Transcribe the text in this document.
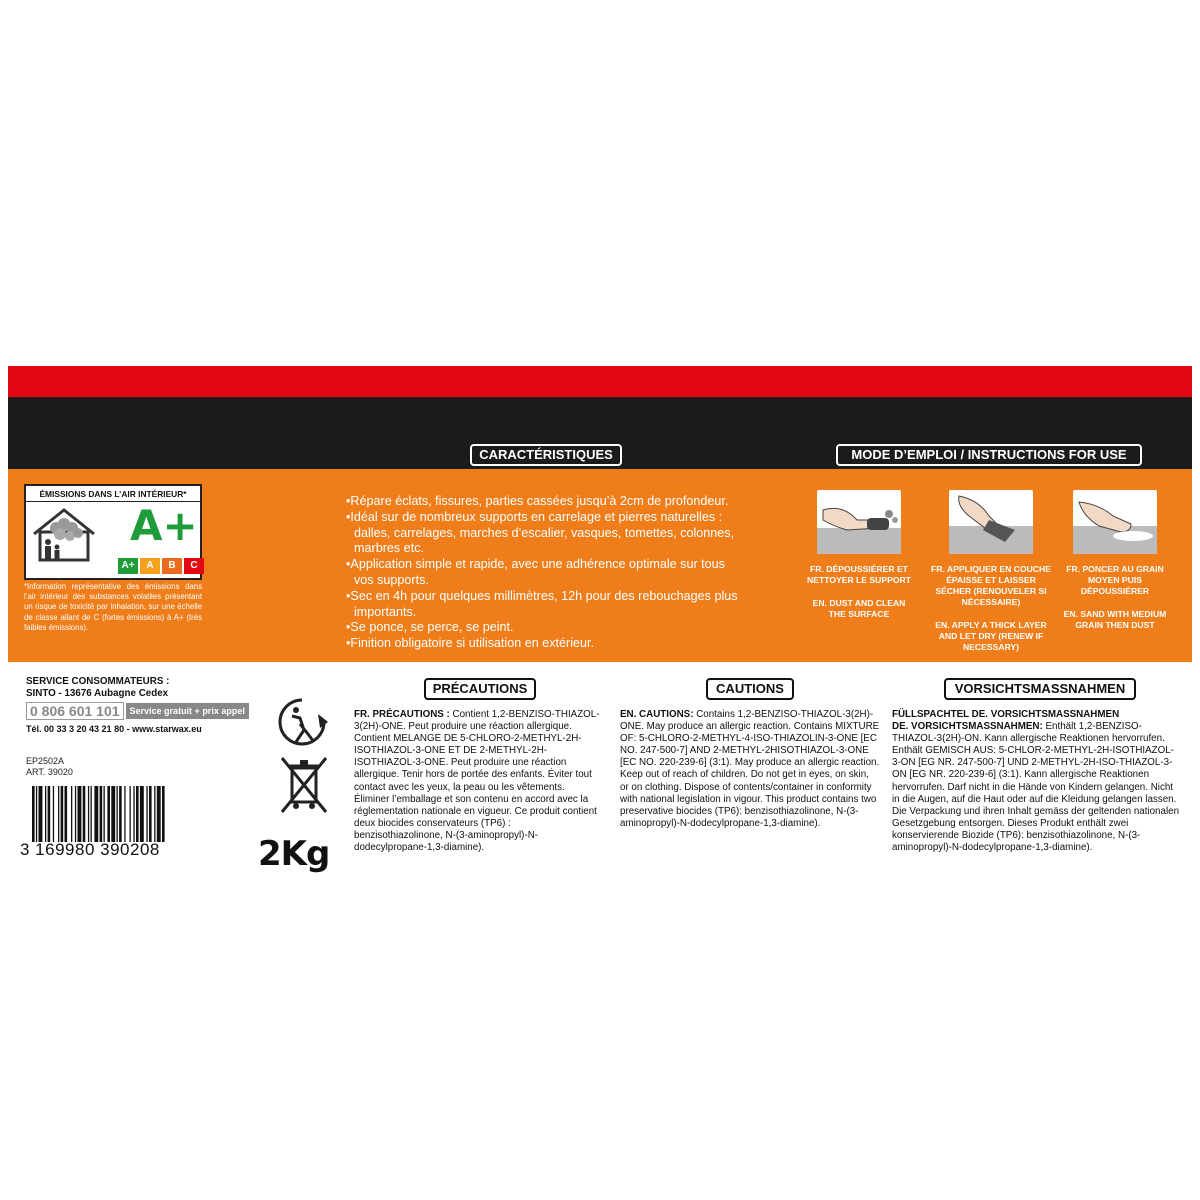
CARACTÉRISTIQUES	MODE D’EMPLOI / INSTRUCTIONS FOR USE
ÉMISSIONS DANS L’AIR INTÉRIEUR*
A+
A+	A	B	C
*Information représentative des émissions dans l’air intérieur des substances volatiles présentant un risque de toxicité par inhalation, sur une échelle de classe allant de C (fortes émissions) à A+ (très faibles émissions).
• Répare éclats, fissures, parties cassées jusqu’à 2cm de profondeur.
• Idéal sur de nombreux supports en carrelage et pierres naturelles : dalles, carrelages, marches d’escalier, vasques, tomettes, colonnes, marbres etc.
• Application simple et rapide, avec une adhérence optimale sur tous vos supports.
• Sec en 4h pour quelques millimètres, 12h pour des rebouchages plus importants.
• Se ponce, se perce, se peint.
• Finition obligatoire si utilisation en extérieur.
FR. DÉPOUSSIÉRER ET NETTOYER LE SUPPORT
EN. DUST AND CLEAN THE SURFACE
FR. APPLIQUER EN COUCHE ÉPAISSE ET LAISSER SÉCHER (RENOUVELER SI NÉCESSAIRE)
EN. APPLY A THICK LAYER AND LET DRY (RENEW IF NECESSARY)
FR. PONCER AU GRAIN MOYEN PUIS DÉPOUSSIÉRER
EN. SAND WITH MEDIUM GRAIN THEN DUST
SERVICE CONSOMMATEURS :
SINTO - 13676 Aubagne Cedex
0 806 601 101	Service gratuit + prix appel
Tél. 00 33 3 20 43 21 80 - www.starwax.eu
EP2502A
ART. 39020
3 169980 390208	2Kg
PRÉCAUTIONS
FR. PRÉCAUTIONS : Contient 1,2-BENZISO-THIAZOL-3(2H)-ONE. Peut produire une réaction allergique. Contient MELANGE DE 5-CHLORO-2-METHYL-2H-ISOTHIAZOL-3-ONE ET DE 2-METHYL-2H-ISOTHIAZOL-3-ONE. Peut produire une réaction allergique. Tenir hors de portée des enfants. Éviter tout contact avec les yeux, la peau ou les vêtements. Éliminer l’emballage et son contenu en accord avec la réglementation nationale en vigueur. Ce produit contient deux biocides conservateurs (TP6) : benzisothiazolinone, N-(3-aminopropyl)-N-dodecylpropane-1,3-diamine).
CAUTIONS
EN. CAUTIONS: Contains 1,2-BENZISO-THIAZOL-3(2H)-ONE. May produce an allergic reaction. Contains MIXTURE OF: 5-CHLORO-2-METHYL-4-ISO-THIAZOLIN-3-ONE [EC NO. 247-500-7] AND 2-METHYL-2HISOTHIAZOL-3-ONE [EC NO. 220-239-6] (3:1). May produce an allergic reaction. Keep out of reach of children. Do not get in eyes, on skin, or on clothing. Dispose of contents/container in conformity with national legislation in vigour. This product contains two preservative biocides (TP6): benzisothiazolinone, N-(3-aminopropyl)-N-dodecylpropane-1,3-diamine).
VORSICHTSMASSNAHMEN
FÜLLSPACHTEL DE. VORSICHTSMASSNAHMEN
DE. VORSICHTSMASSNAHMEN: Enthält 1,2-BENZISO-THIAZOL-3(2H)-ON. Kann allergische Reaktionen hervorrufen. Enthält GEMISCH AUS: 5-CHLOR-2-METHYL-2H-ISOTHIAZOL-3-ON [EG NR. 247-500-7] UND 2-METHYL-2H-ISO-THIAZOL-3-ON [EG NR. 220-239-6] (3:1). Kann allergische Reaktionen hervorrufen. Darf nicht in die Hände von Kindern gelangen. Nicht in die Augen, auf die Haut oder auf die Kleidung gelangen lassen. Die Verpackung und ihren Inhalt gemäss der geltenden nationalen Gesetzgebung entsorgen. Dieses Produkt enthält zwei konservierende Biozide (TP6): benzisothiazolinone, N-(3-aminopropyl)-N-dodecylpropane-1,3-diamine).
